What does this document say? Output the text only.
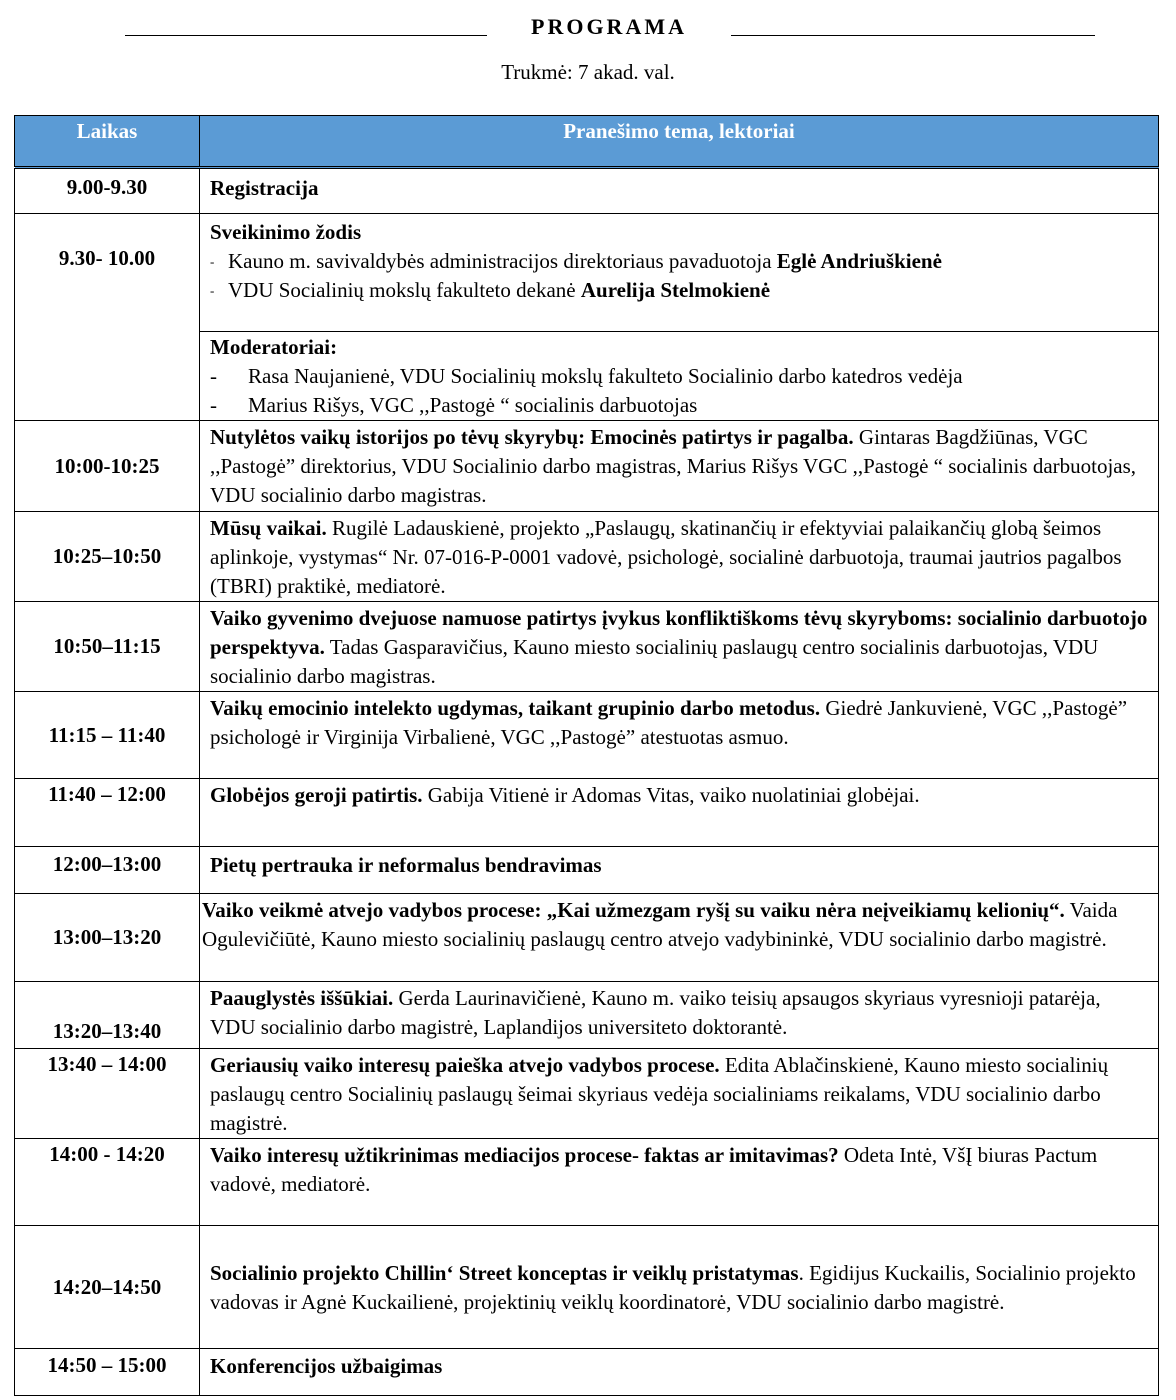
PROGRAMA
Trukmė: 7 akad. val.
Laikas	Pranešimo tema, lektoriai
9.00-9.30	Registracija
9.30- 10.00	Sveikinimo žodis
- Kauno m. savivaldybės administracijos direktoriaus pavaduotoja Eglė Andriuškienė
- VDU Socialinių mokslų fakulteto dekanė Aurelija Stelmokienė

	Moderatoriai:
- Rasa Naujanienė, VDU Socialinių mokslų fakulteto Socialinio darbo katedros vedėja
- Marius Rišys, VGC ,,Pastogė “ socialinis darbuotojas

10:00-10:25	Nutylėtos vaikų istorijos po tėvų skyrybų: Emocinės patirtys ir pagalba. Gintaras Bagdžiūnas, VGC ,,Pastogė” direktorius, VDU Socialinio darbo magistras, Marius Rišys VGC ,,Pastogė “ socialinis darbuotojas, VDU socialinio darbo magistras.
10:25–10:50	Mūsų vaikai. Rugilė Ladauskienė, projekto „Paslaugų, skatinančių ir efektyviai palaikančių globą šeimos aplinkoje, vystymas“ Nr. 07-016-P-0001 vadovė, psichologė, socialinė darbuotoja, traumai jautrios pagalbos (TBRI) praktikė, mediatorė.
10:50–11:15	Vaiko gyvenimo dvejuose namuose patirtys įvykus konfliktiškoms tėvų skyryboms: socialinio darbuotojo perspektyva. Tadas Gasparavičius, Kauno miesto socialinių paslaugų centro socialinis darbuotojas, VDU socialinio darbo magistras.
11:15 – 11:40	Vaikų emocinio intelekto ugdymas, taikant grupinio darbo metodus. Giedrė Jankuvienė, VGC ,,Pastogė” psichologė ir Virginija Virbalienė, VGC ,,Pastogė” atestuotas asmuo.
11:40 – 12:00	Globėjos geroji patirtis. Gabija Vitienė ir Adomas Vitas, vaiko nuolatiniai globėjai.
12:00–13:00	Pietų pertrauka ir neformalus bendravimas
13:00–13:20	Vaiko veikmė atvejo vadybos procese: „Kai užmezgam ryšį su vaiku nėra neįveikiamų kelionių“. Vaida Ogulevičiūtė, Kauno miesto socialinių paslaugų centro atvejo vadybininkė, VDU socialinio darbo magistrė.
13:20–13:40	Paauglystės iššūkiai. Gerda Laurinavičienė, Kauno m. vaiko teisių apsaugos skyriaus vyresnioji patarėja, VDU socialinio darbo magistrė, Laplandijos universiteto doktorantė.
13:40 – 14:00	Geriausių vaiko interesų paieška atvejo vadybos procese. Edita Ablačinskienė, Kauno miesto socialinių paslaugų centro Socialinių paslaugų šeimai skyriaus vedėja socialiniams reikalams, VDU socialinio darbo magistrė.
14:00 - 14:20	Vaiko interesų užtikrinimas mediacijos procese- faktas ar imitavimas? Odeta Intė, VšĮ biuras Pactum vadovė, mediatorė.
14:20–14:50	Socialinio projekto Chillin‘ Street konceptas ir veiklų pristatymas. Egidijus Kuckailis, Socialinio projekto vadovas ir Agnė Kuckailienė, projektinių veiklų koordinatorė, VDU socialinio darbo magistrė.
14:50 – 15:00	Konferencijos užbaigimas
